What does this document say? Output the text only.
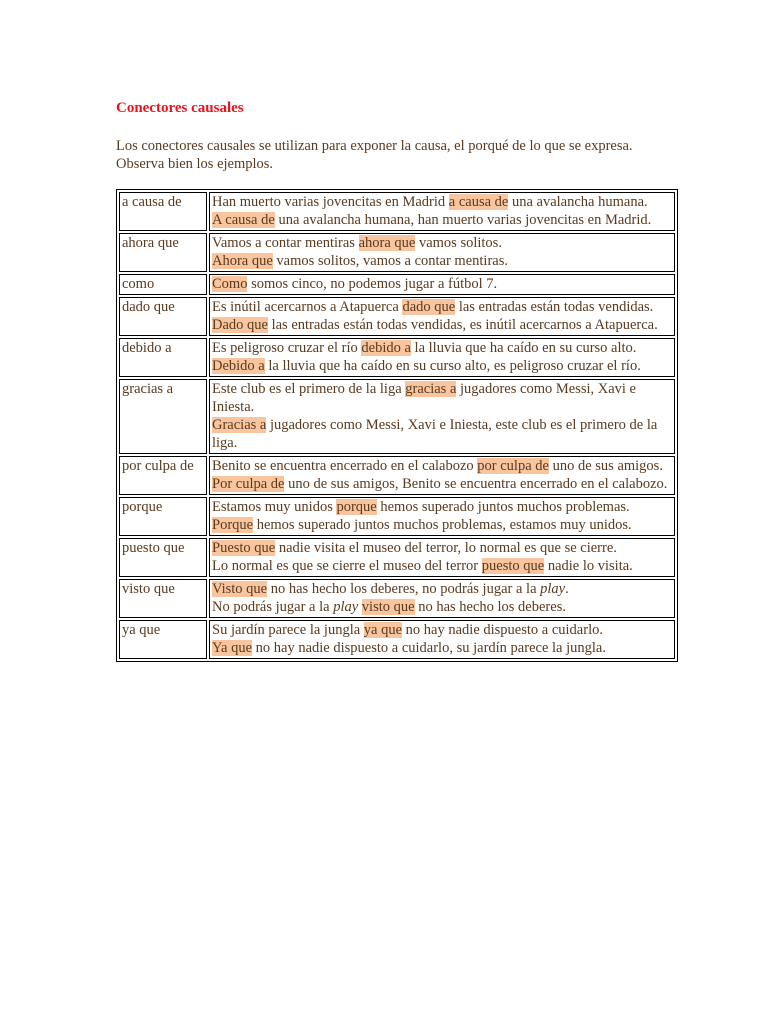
Conectores causales
Los conectores causales se utilizan para exponer la causa, el porqué de lo que se expresa. Observa bien los ejemplos.
a causa de	Han muerto varias jovencitas en Madrid a causa de una avalancha humana.
A causa de una avalancha humana, han muerto varias jovencitas en Madrid.

ahora que	Vamos a contar mentiras ahora que vamos solitos.
Ahora que vamos solitos, vamos a contar mentiras.

como	Como somos cinco, no podemos jugar a fútbol 7.

dado que	Es inútil acercarnos a Atapuerca dado que las entradas están todas vendidas.
Dado que las entradas están todas vendidas, es inútil acercarnos a Atapuerca.

debido a	Es peligroso cruzar el río debido a la lluvia que ha caído en su curso alto.
Debido a la lluvia que ha caído en su curso alto, es peligroso cruzar el río.

gracias a	Este club es el primero de la liga gracias a jugadores como Messi, Xavi e Iniesta.
Gracias a jugadores como Messi, Xavi e Iniesta, este club es el primero de la liga.

por culpa de	Benito se encuentra encerrado en el calabozo por culpa de uno de sus amigos.
Por culpa de uno de sus amigos, Benito se encuentra encerrado en el calabozo.

porque	Estamos muy unidos porque hemos superado juntos muchos problemas.
Porque hemos superado juntos muchos problemas, estamos muy unidos.

puesto que	Puesto que nadie visita el museo del terror, lo normal es que se cierre.
Lo normal es que se cierre el museo del terror puesto que nadie lo visita.

visto que	Visto que no has hecho los deberes, no podrás jugar a la play.
No podrás jugar a la play visto que no has hecho los deberes.

ya que	Su jardín parece la jungla ya que no hay nadie dispuesto a cuidarlo.
Ya que no hay nadie dispuesto a cuidarlo, su jardín parece la jungla.
